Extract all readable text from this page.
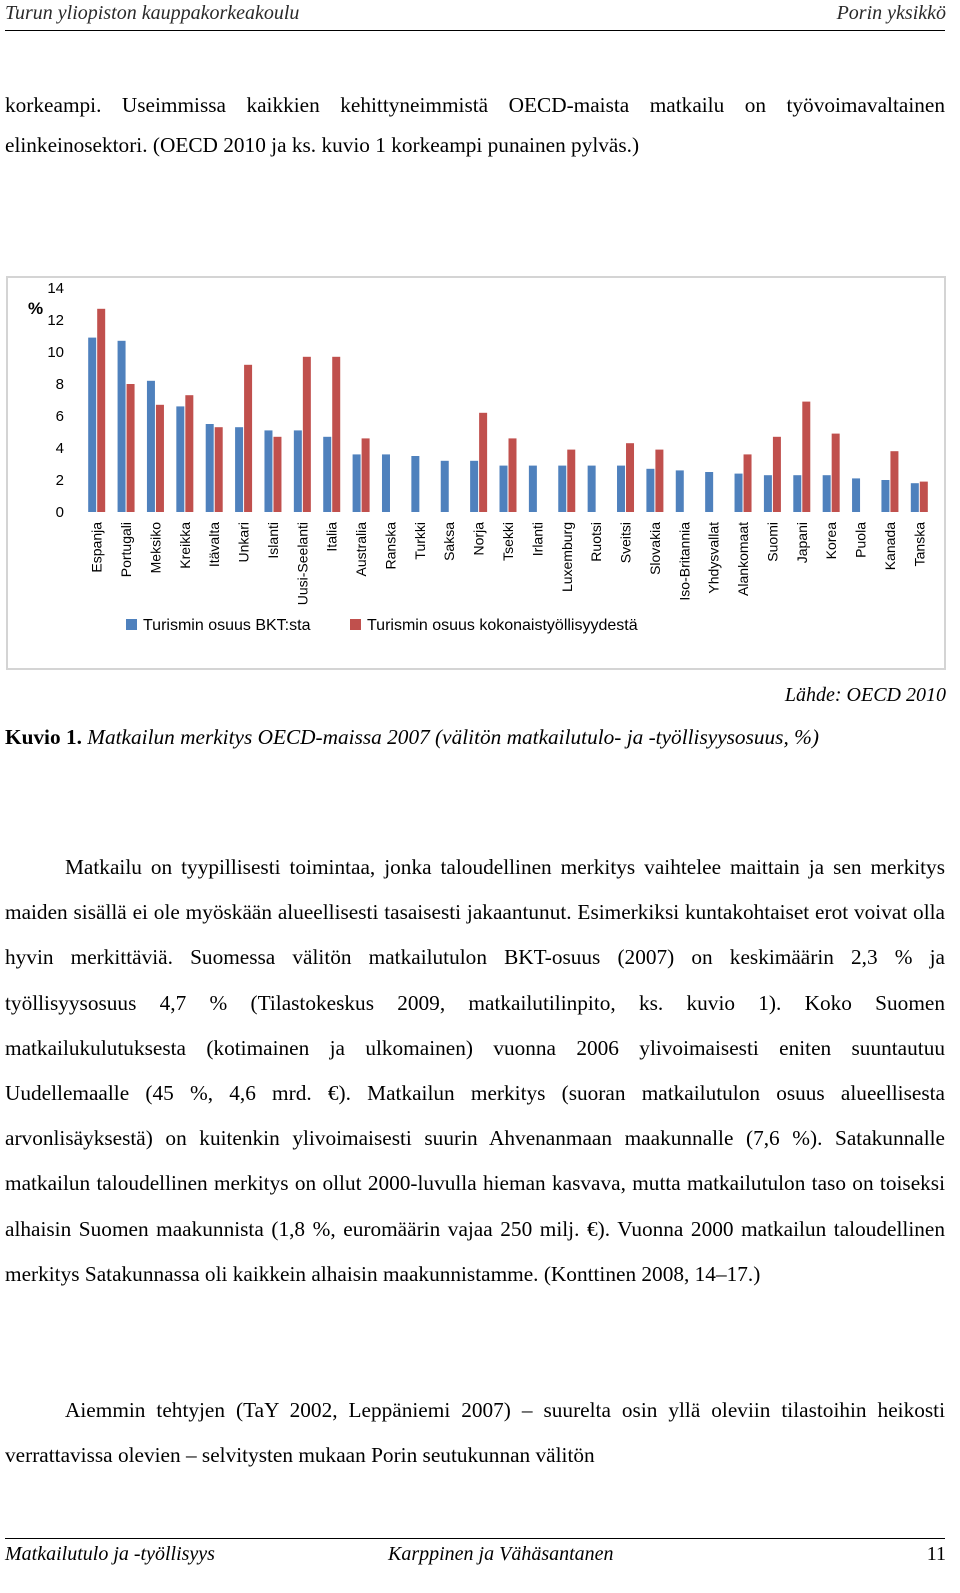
Turun yliopiston kauppakorkeakoulu	Porin yksikkö

korkeampi. Useimmissa kaikkien kehittyneimmistä OECD-maista matkailu on työvoimavaltainen elinkeinosektori. (OECD 2010 ja ks. kuvio 1 korkeampi punainen pylväs.)

%
0
2
4
6
8
10
12
14
Espanja Portugali Meksiko Kreikka Itävalta Unkari Islanti Uusi-Seelanti Italia Australia Ranska Turkki Saksa Norja Tsekki Irlanti Luxemburg Ruotsi Sveitsi Slovakia Iso-Britannia Yhdysvallat Alankomaat Suomi Japani Korea Puola Kanada Tanska
Turismin osuus BKT:sta	Turismin osuus kokonaistyöllisyydestä
Lähde: OECD 2010

Kuvio 1. Matkailun merkitys OECD-maissa 2007 (välitön matkailutulo- ja -työllisyysosuus, %)

Matkailu on tyypillisesti toimintaa, jonka taloudellinen merkitys vaihtelee maittain ja sen merkitys maiden sisällä ei ole myöskään alueellisesti tasaisesti jakaantunut. Esimerkiksi kuntakohtaiset erot voivat olla hyvin merkittäviä. Suomessa välitön matkailutulon BKT-osuus (2007) on keskimäärin 2,3 % ja työllisyysosuus 4,7 % (Tilastokeskus 2009, matkailutilinpito, ks. kuvio 1). Koko Suomen matkailukulutuksesta (kotimainen ja ulkomainen) vuonna 2006 ylivoimaisesti eniten suuntautuu Uudellemaalle (45 %, 4,6 mrd. €). Matkailun merkitys (suoran matkailutulon osuus alueellisesta arvonlisäyksestä) on kuitenkin ylivoimaisesti suurin Ahvenanmaan maakunnalle (7,6 %). Satakunnalle matkailun taloudellinen merkitys on ollut 2000-luvulla hieman kasvava, mutta matkailutulon taso on toiseksi alhaisin Suomen maakunnista (1,8 %, euromäärin vajaa 250 milj. €). Vuonna 2000 matkailun taloudellinen merkitys Satakunnassa oli kaikkein alhaisin maakunnistamme. (Konttinen 2008, 14–17.)

Aiemmin tehtyjen (TaY 2002, Leppäniemi 2007) – suurelta osin yllä oleviin tilastoihin heikosti verrattavissa olevien – selvitysten mukaan Porin seutukunnan välitön

Matkailutulo ja -työllisyys	Karppinen ja Vähäsantanen	11
